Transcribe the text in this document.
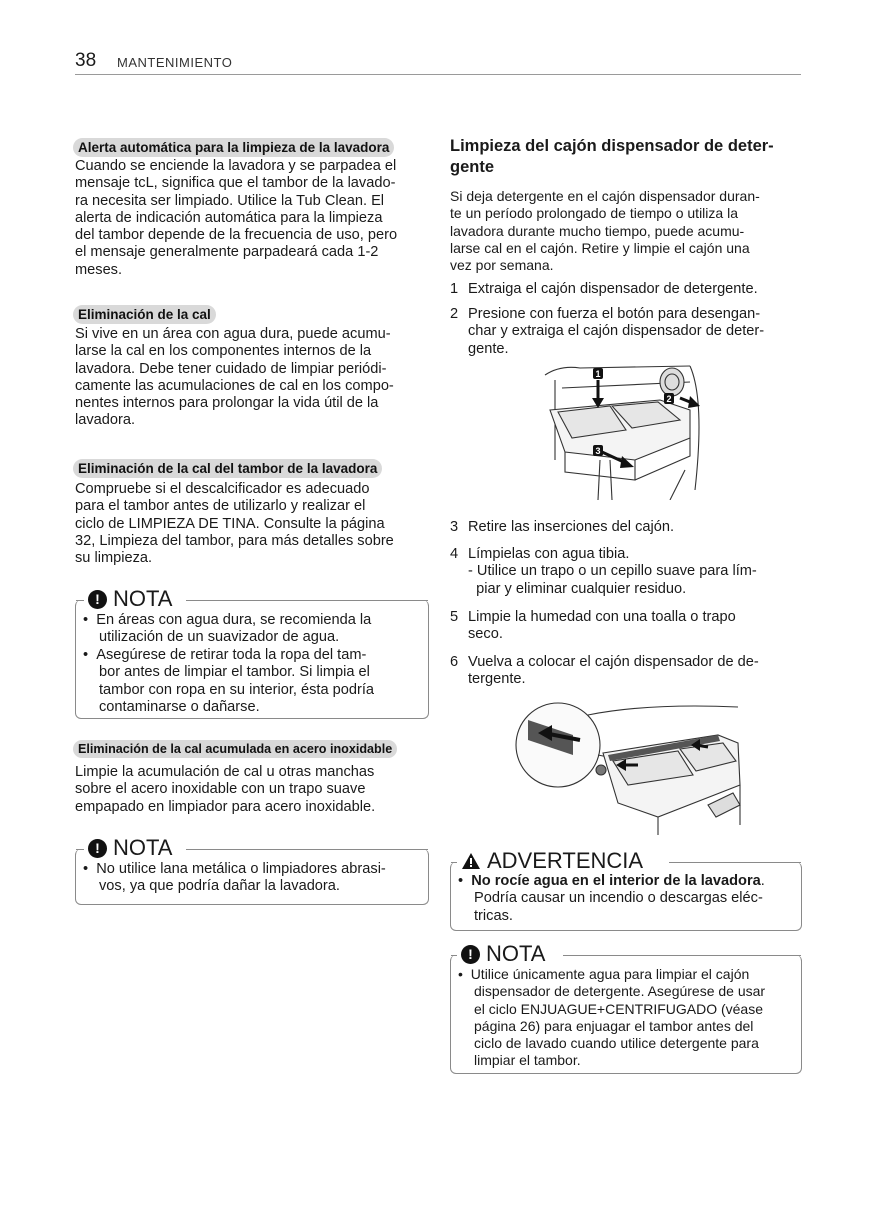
38 MANTENIMIENTO
Alerta automática para la limpieza de la lavadora
Cuando se enciende la lavadora y se parpadea el
mensaje tcL, significa que el tambor de la lavado-
ra necesita ser limpiado. Utilice la Tub Clean. El
alerta de indicación automática para la limpieza
del tambor depende de la frecuencia de uso, pero
el mensaje generalmente parpadeará cada 1-2
meses.
Eliminación de la cal
Si vive en un área con agua dura, puede acumu-
larse la cal en los componentes internos de la
lavadora. Debe tener cuidado de limpiar periódi-
camente las acumulaciones de cal en los compo-
nentes internos para prolongar la vida útil de la
lavadora.
Eliminación de la cal del tambor de la lavadora
Compruebe si el descalcificador es adecuado
para el tambor antes de utilizarlo y realizar el
ciclo de LIMPIEZA DE TINA. Consulte la página
32, Limpieza del tambor, para más detalles sobre
su limpieza.
! NOTA
•  En áreas con agua dura, se recomienda la
utilización de un suavizador de agua.
•  Asegúrese de retirar toda la ropa del tam-
bor antes de limpiar el tambor. Si limpia el
tambor con ropa en su interior, ésta podría
contaminarse o dañarse.
Eliminación de la cal acumulada en acero inoxidable
Limpie la acumulación de cal u otras manchas
sobre el acero inoxidable con un trapo suave
empapado en limpiador para acero inoxidable.
! NOTA
•  No utilice lana metálica o limpiadores abrasi-
vos, ya que podría dañar la lavadora.
Limpieza del cajón dispensador de deter-
gente
Si deja detergente en el cajón dispensador duran-
te un período prolongado de tiempo o utiliza la
lavadora durante mucho tiempo, puede acumu-
larse cal en el cajón. Retire y limpie el cajón una
vez por semana.
1 Extraiga el cajón dispensador de detergente.
2 Presione con fuerza el botón para desengan-
char y extraiga el cajón dispensador de deter-
gente.
1
2
3
3 Retire las inserciones del cajón.
4 Límpielas con agua tibia.
- Utilice un trapo o un cepillo suave para lím-
piar y eliminar cualquier residuo.
5 Limpie la humedad con una toalla o trapo
seco.
6 Vuelva a colocar el cajón dispensador de de-
tergente.
ADVERTENCIA
•  No rocíe agua en el interior de la lavadora.
Podría causar un incendio o descargas eléc-
tricas.
! NOTA
•  Utilice únicamente agua para limpiar el cajón
dispensador de detergente. Asegúrese de usar
el ciclo ENJUAGUE+CENTRIFUGADO (véase
página 26) para enjuagar el tambor antes del
ciclo de lavado cuando utilice detergente para
limpiar el tambor.
